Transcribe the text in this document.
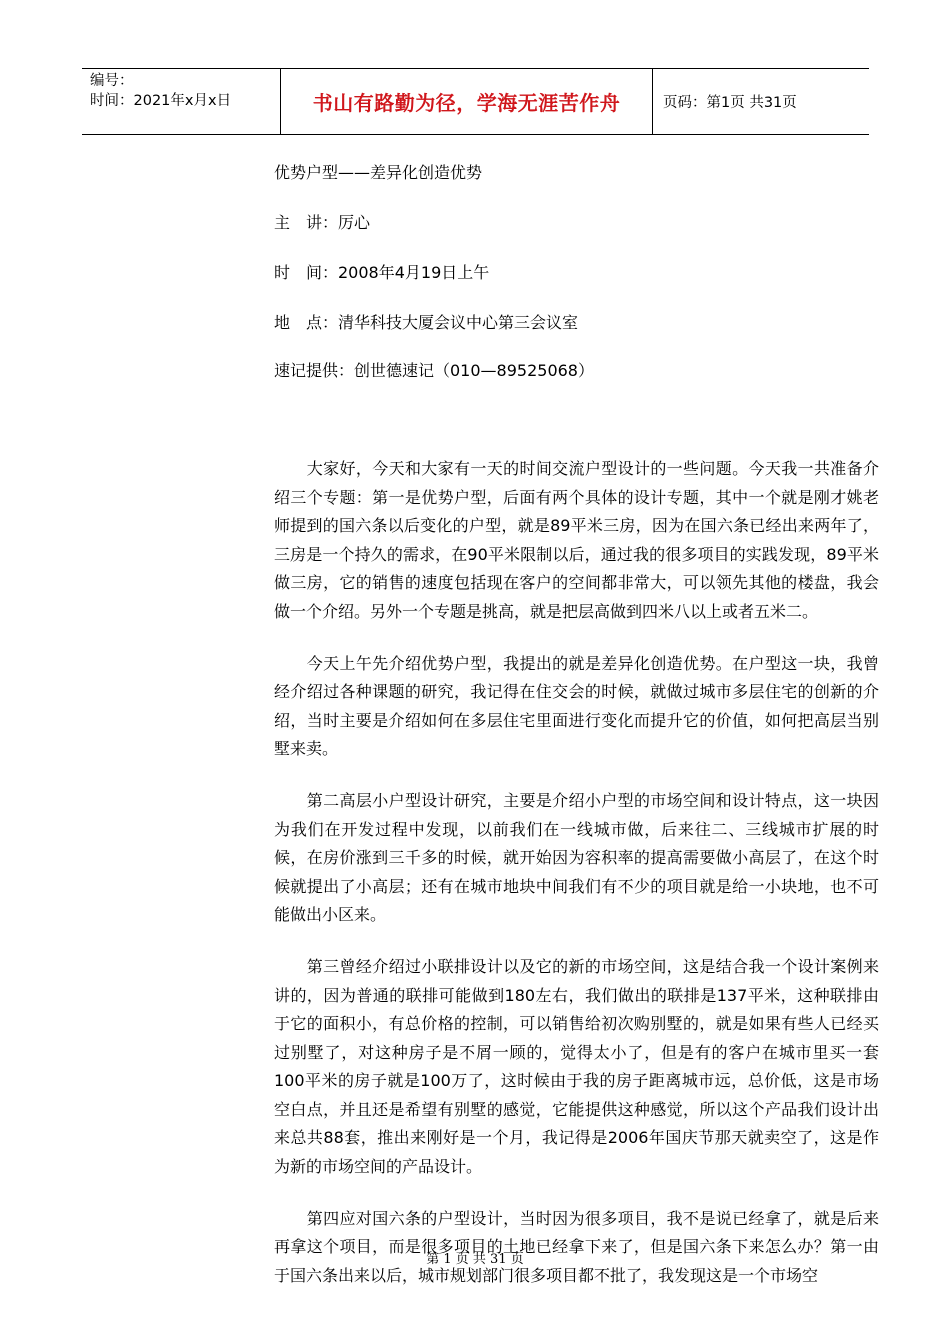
编号：
时间：2021年x月x日	书山有路勤为径，学海无涯苦作舟	页码：第1页 共31页
优势户型——差异化创造优势
主　讲：厉心
时　间：2008年4月19日上午
地　点：清华科技大厦会议中心第三会议室
速记提供：创世德速记（010—89525068）

大家好，今天和大家有一天的时间交流户型设计的一些问题。今天我一共准备介绍三个专题：第一是优势户型，后面有两个具体的设计专题，其中一个就是刚才姚老师提到的国六条以后变化的户型，就是89平米三房，因为在国六条已经出来两年了，三房是一个持久的需求，在90平米限制以后，通过我的很多项目的实践发现，89平米做三房，它的销售的速度包括现在客户的空间都非常大，可以领先其他的楼盘，我会做一个介绍。另外一个专题是挑高，就是把层高做到四米八以上或者五米二。

今天上午先介绍优势户型，我提出的就是差异化创造优势。在户型这一块，我曾经介绍过各种课题的研究，我记得在住交会的时候，就做过城市多层住宅的创新的介绍，当时主要是介绍如何在多层住宅里面进行变化而提升它的价值，如何把高层当别墅来卖。

第二高层小户型设计研究，主要是介绍小户型的市场空间和设计特点，这一块因为我们在开发过程中发现，以前我们在一线城市做，后来往二、三线城市扩展的时候，在房价涨到三千多的时候，就开始因为容积率的提高需要做小高层了，在这个时候就提出了小高层；还有在城市地块中间我们有不少的项目就是给一小块地，也不可能做出小区来。

第三曾经介绍过小联排设计以及它的新的市场空间，这是结合我一个设计案例来讲的，因为普通的联排可能做到180左右，我们做出的联排是137平米，这种联排由于它的面积小，有总价格的控制，可以销售给初次购别墅的，就是如果有些人已经买过别墅了，对这种房子是不屑一顾的，觉得太小了，但是有的客户在城市里买一套100平米的房子就是100万了，这时候由于我的房子距离城市远，总价低，这是市场空白点，并且还是希望有别墅的感觉，它能提供这种感觉，所以这个产品我们设计出来总共88套，推出来刚好是一个月，我记得是2006年国庆节那天就卖空了，这是作为新的市场空间的产品设计。

第四应对国六条的户型设计，当时因为很多项目，我不是说已经拿了，就是后来再拿这个项目，而是很多项目的土地已经拿下来了，但是国六条下来怎么办？第一由于国六条出来以后，城市规划部门很多项目都不批了，我发现这是一个市场空

第 1 页 共 31 页
